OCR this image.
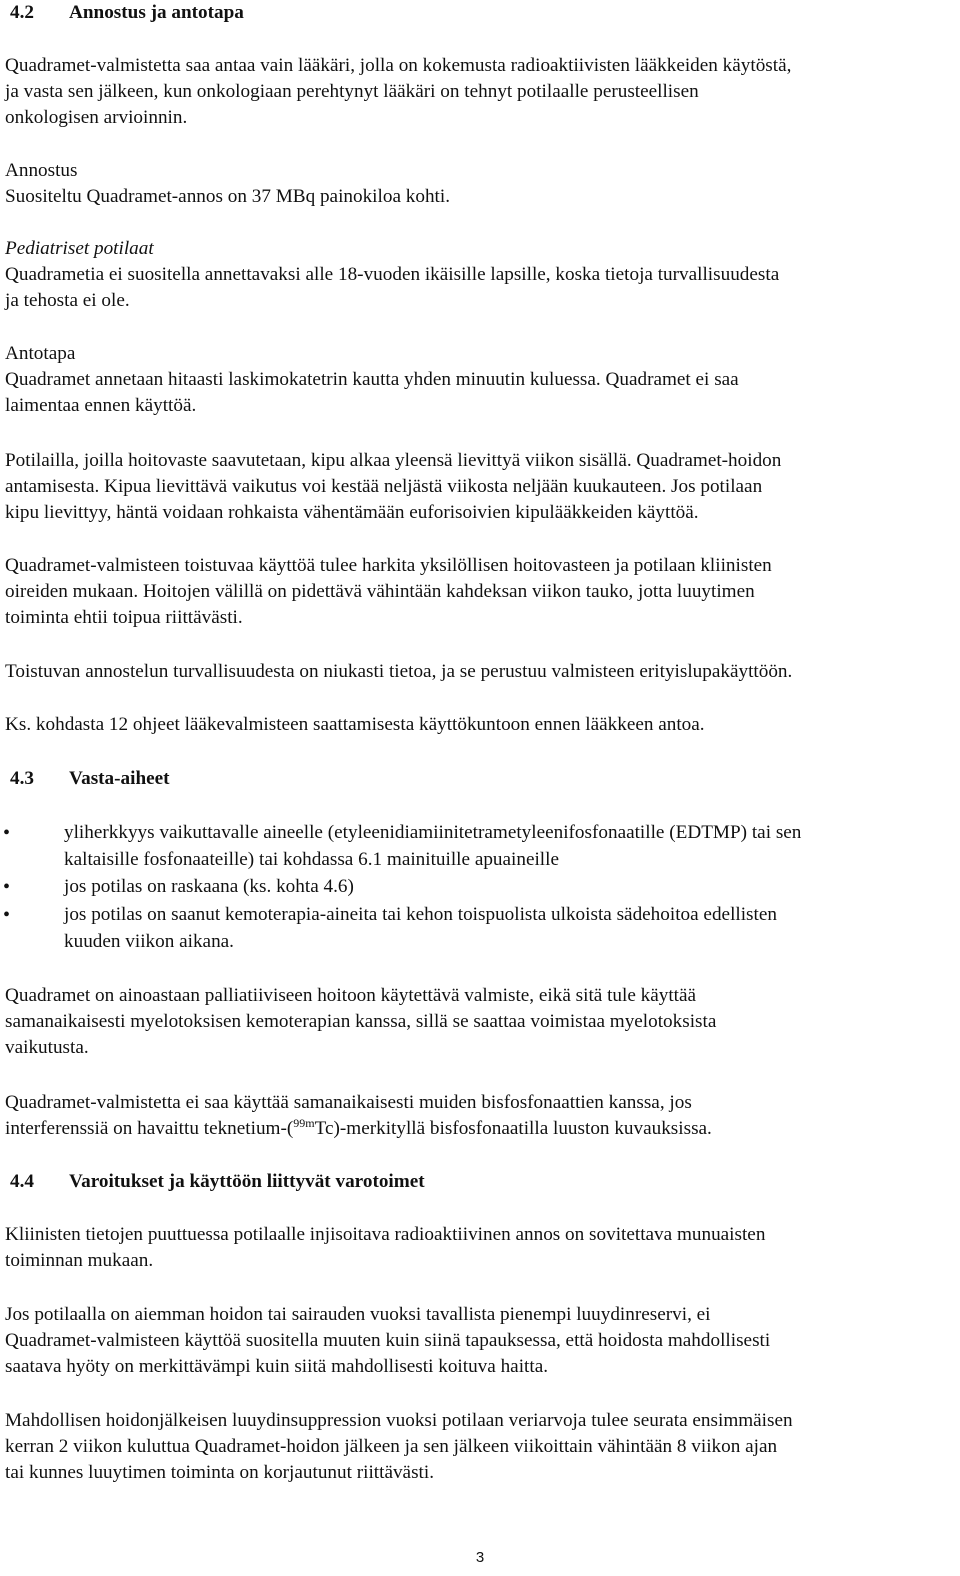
4.2 Annostus ja antotapa

Quadramet-valmistetta saa antaa vain lääkäri, jolla on kokemusta radioaktiivisten lääkkeiden käytöstä,
ja vasta sen jälkeen, kun onkologiaan perehtynyt lääkäri on tehnyt potilaalle perusteellisen
onkologisen arvioinnin.
Annostus
Suositeltu Quadramet-annos on 37 MBq painokiloa kohti.
Pediatriset potilaat
Quadrametia ei suositella annettavaksi alle 18-vuoden ikäisille lapsille, koska tietoja turvallisuudesta
ja tehosta ei ole.
Antotapa
Quadramet annetaan hitaasti laskimokatetrin kautta yhden minuutin kuluessa. Quadramet ei saa
laimentaa ennen käyttöä.
Potilailla, joilla hoitovaste saavutetaan, kipu alkaa yleensä lievittyä viikon sisällä. Quadramet-hoidon
antamisesta. Kipua lievittävä vaikutus voi kestää neljästä viikosta neljään kuukauteen. Jos potilaan
kipu lievittyy, häntä voidaan rohkaista vähentämään euforisoivien kipulääkkeiden käyttöä.
Quadramet-valmisteen toistuvaa käyttöä tulee harkita yksilöllisen hoitovasteen ja potilaan kliinisten
oireiden mukaan. Hoitojen välillä on pidettävä vähintään kahdeksan viikon tauko, jotta luuytimen
toiminta ehtii toipua riittävästi.
Toistuvan annostelun turvallisuudesta on niukasti tietoa, ja se perustuu valmisteen erityislupakäyttöön.
Ks. kohdasta 12 ohjeet lääkevalmisteen saattamisesta käyttökuntoon ennen lääkkeen antoa.
4.3 Vasta-aiheet

•	yliherkkyys vaikuttavalle aineelle (etyleenidiamiinitetrametyleenifosfonaatille (EDTMP) tai sen
kaltaisille fosfonaateille) tai kohdassa 6.1 mainituille apuaineille
•	jos potilas on raskaana (ks. kohta 4.6)
•	jos potilas on saanut kemoterapia-aineita tai kehon toispuolista ulkoista sädehoitoa edellisten
kuuden viikon aikana.
Quadramet on ainoastaan palliatiiviseen hoitoon käytettävä valmiste, eikä sitä tule käyttää
samanaikaisesti myelotoksisen kemoterapian kanssa, sillä se saattaa voimistaa myelotoksista
vaikutusta.
Quadramet-valmistetta ei saa käyttää samanaikaisesti muiden bisfosfonaattien kanssa, jos
interferenssiä on havaittu teknetium-($^{99m}$Tc)-merkityllä bisfosfonaatilla luuston kuvauksissa.
4.4 Varoitukset ja käyttöön liittyvät varotoimet

Kliinisten tietojen puuttuessa potilaalle injisoitava radioaktiivinen annos on sovitettava munuaisten
toiminnan mukaan.
Jos potilaalla on aiemman hoidon tai sairauden vuoksi tavallista pienempi luuydinreservi, ei
Quadramet-valmisteen käyttöä suositella muuten kuin siinä tapauksessa, että hoidosta mahdollisesti
saatava hyöty on merkittävämpi kuin siitä mahdollisesti koituva haitta.
Mahdollisen hoidonjälkeisen luuydinsuppression vuoksi potilaan veriarvoja tulee seurata ensimmäisen
kerran 2 viikon kuluttua Quadramet-hoidon jälkeen ja sen jälkeen viikoittain vähintään 8 viikon ajan
tai kunnes luuytimen toiminta on korjautunut riittävästi.
3
